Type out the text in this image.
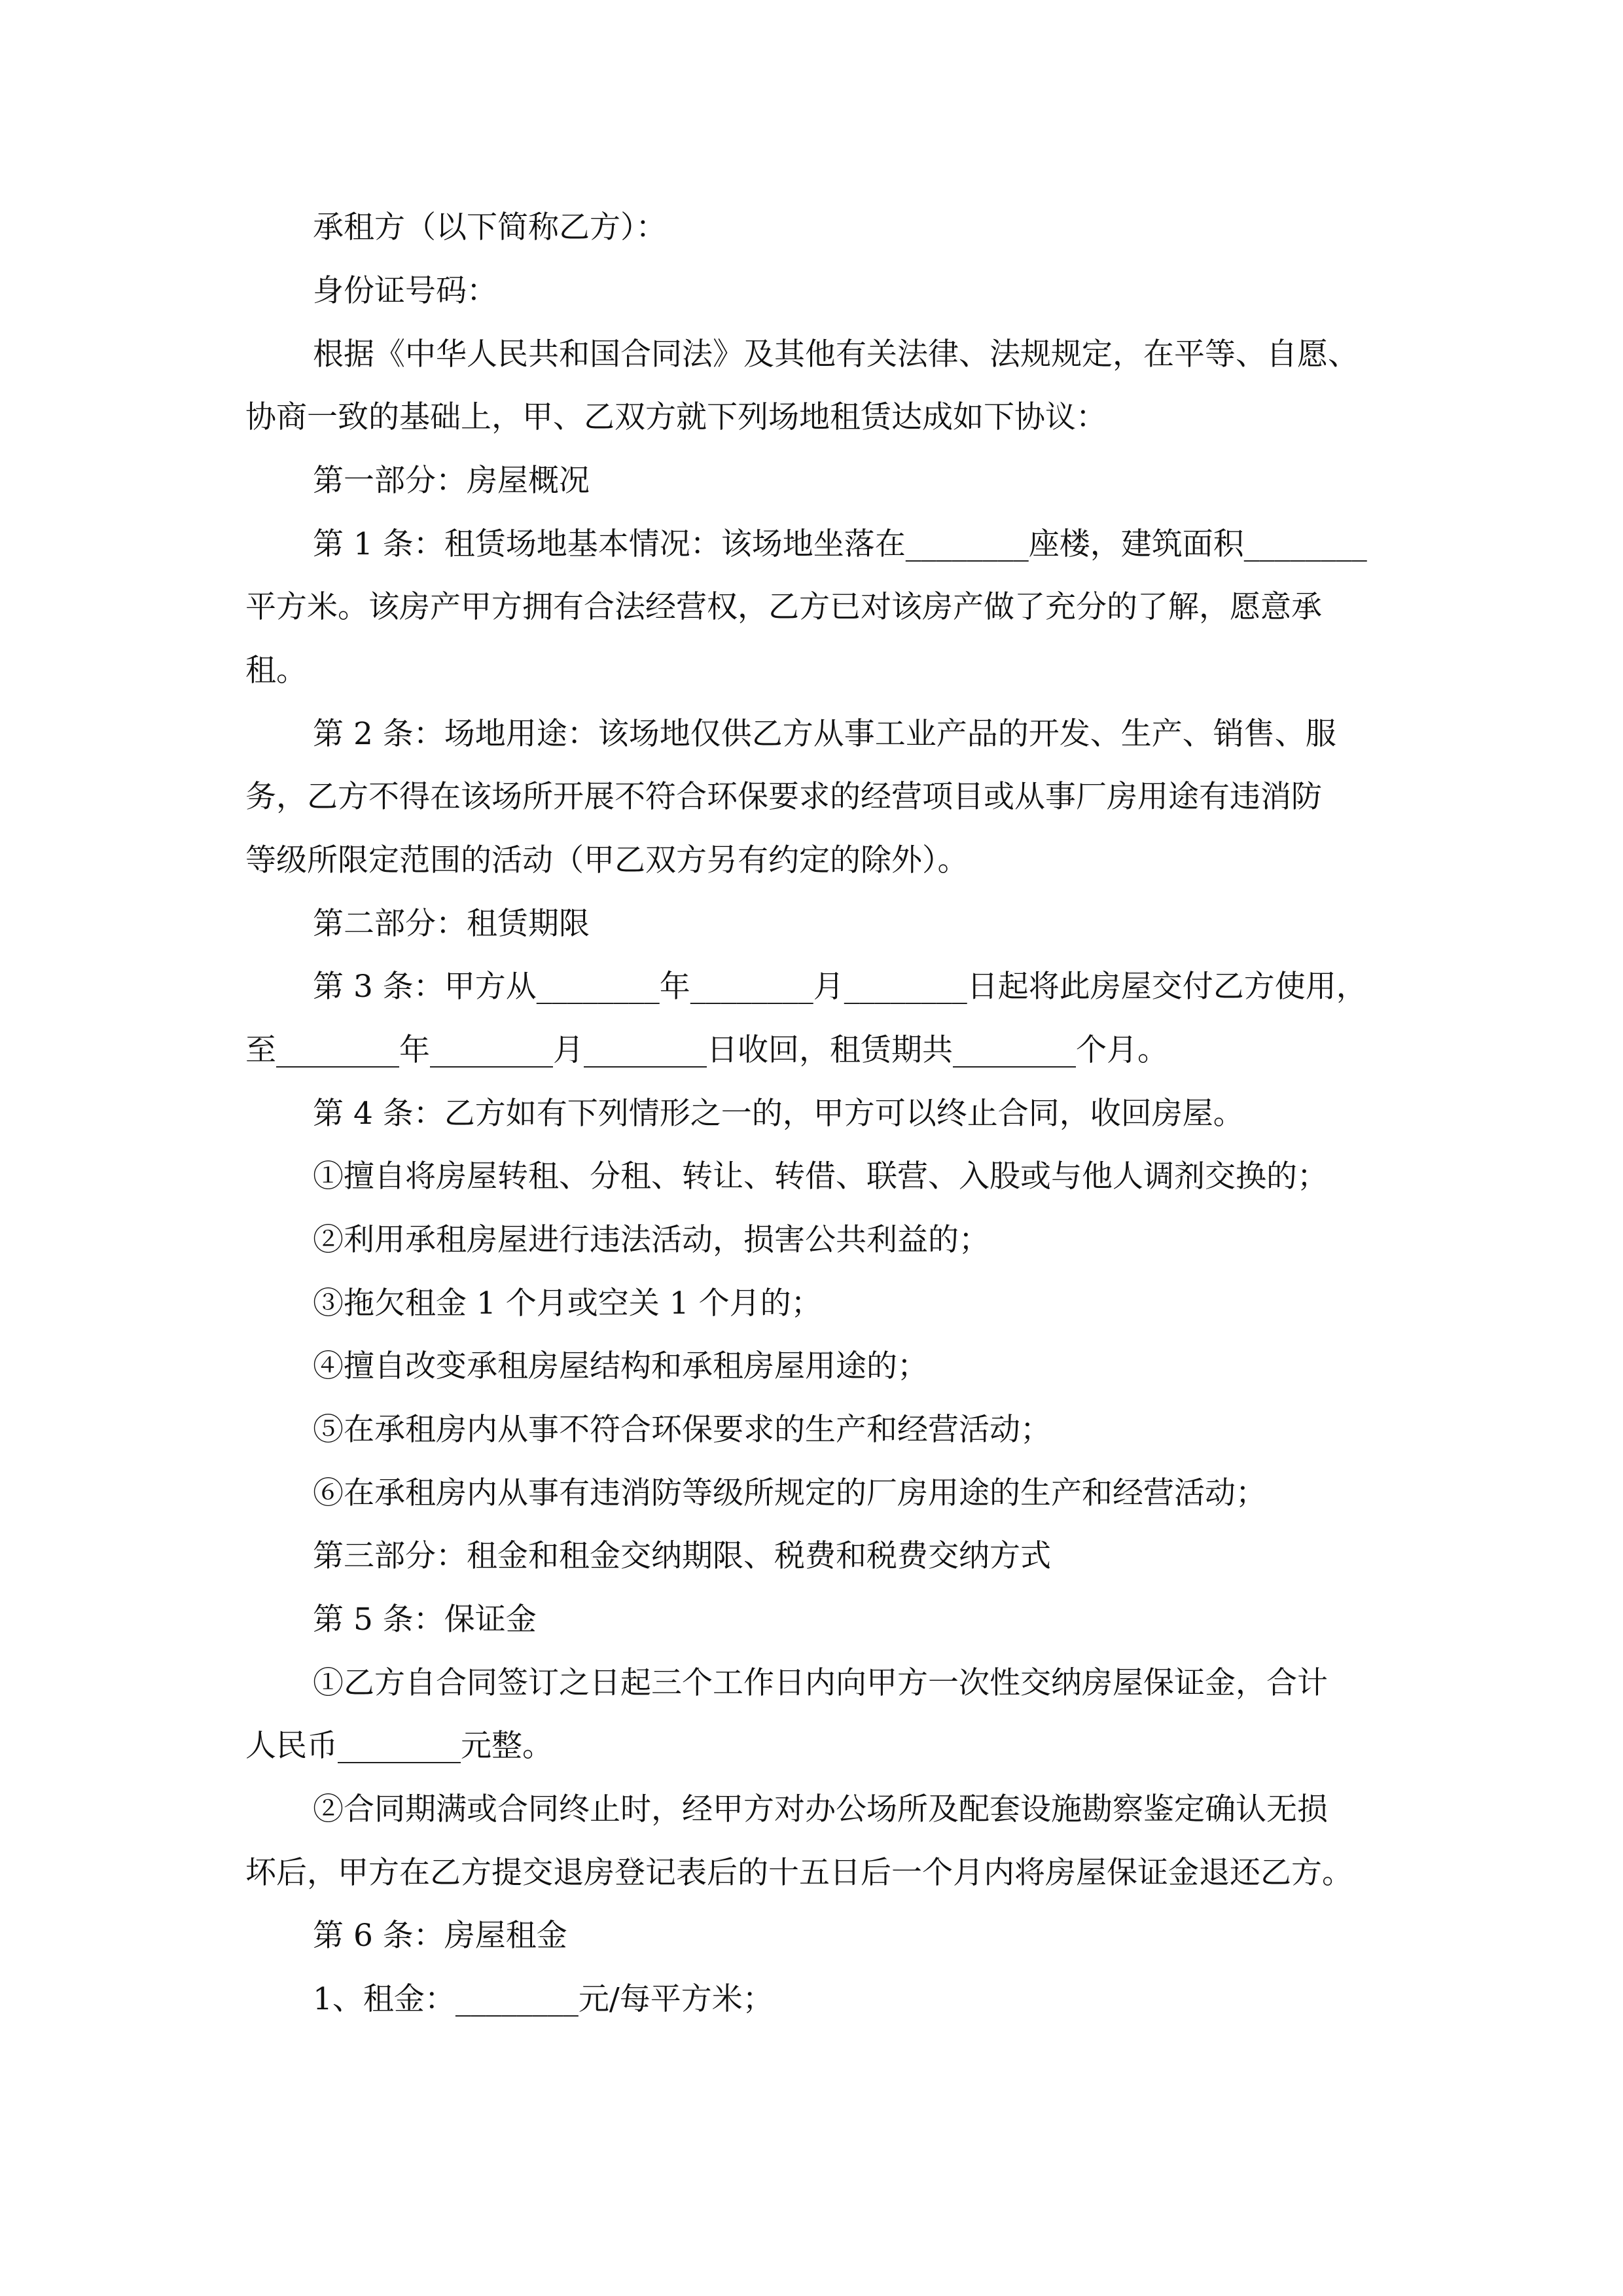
承租方（以下简称乙方）：
身份证号码：
根据《中华人民共和国合同法》及其他有关法律、法规规定，在平等、自愿、
协商一致的基础上，甲、乙双方就下列场地租赁达成如下协议：
第一部分：房屋概况
第 1 条：租赁场地基本情况：该场地坐落在________座楼，建筑面积________
平方米。该房产甲方拥有合法经营权，乙方已对该房产做了充分的了解，愿意承
租。
第 2 条：场地用途：该场地仅供乙方从事工业产品的开发、生产、销售、服
务，乙方不得在该场所开展不符合环保要求的经营项目或从事厂房用途有违消防
等级所限定范围的活动（甲乙双方另有约定的除外）。
第二部分：租赁期限
第 3 条：甲方从________年________月________日起将此房屋交付乙方使用，
至________年________月________日收回，租赁期共________个月。
第 4 条：乙方如有下列情形之一的，甲方可以终止合同，收回房屋。
①擅自将房屋转租、分租、转让、转借、联营、入股或与他人调剂交换的；
②利用承租房屋进行违法活动，损害公共利益的；
③拖欠租金 1 个月或空关 1 个月的；
④擅自改变承租房屋结构和承租房屋用途的；
⑤在承租房内从事不符合环保要求的生产和经营活动；
⑥在承租房内从事有违消防等级所规定的厂房用途的生产和经营活动；
第三部分：租金和租金交纳期限、税费和税费交纳方式
第 5 条：保证金
①乙方自合同签订之日起三个工作日内向甲方一次性交纳房屋保证金，合计
人民币________元整。
②合同期满或合同终止时，经甲方对办公场所及配套设施勘察鉴定确认无损
坏后，甲方在乙方提交退房登记表后的十五日后一个月内将房屋保证金退还乙方。
第 6 条：房屋租金
1、租金：________元/每平方米；
